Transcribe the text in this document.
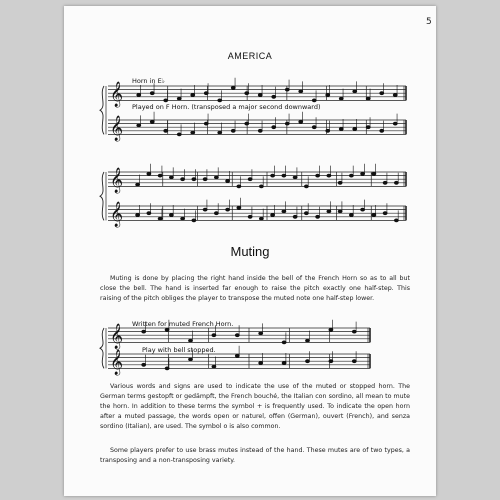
5
AMERICA
𝄞
𝄞
𝄞
𝄞
𝄞
𝄞
Horn in E♭
Played on F Horn. (transposed a major second downward)
Muting
Muting is done by placing the right hand inside the bell of the French Horn so as to all but close the bell. The hand is inserted far enough to raise the pitch exactly one half-step. This raising of the pitch obliges the player to transpose the muted note one half-step lower.
Written for muted French Horn.
Play with bell stopped.
Various words and signs are used to indicate the use of the muted or stopped horn. The German terms gestopft or gedämpft, the French bouché, the Italian con sordino, all mean to mute the horn. In addition to these terms the symbol + is frequently used. To indicate the open horn after a muted passage, the words open or naturel, offen (German), ouvert (French), and senza sordino (Italian), are used. The symbol o is also common.
Some players prefer to use brass mutes instead of the hand. These mutes are of two types, a transposing and a non-transposing variety.
